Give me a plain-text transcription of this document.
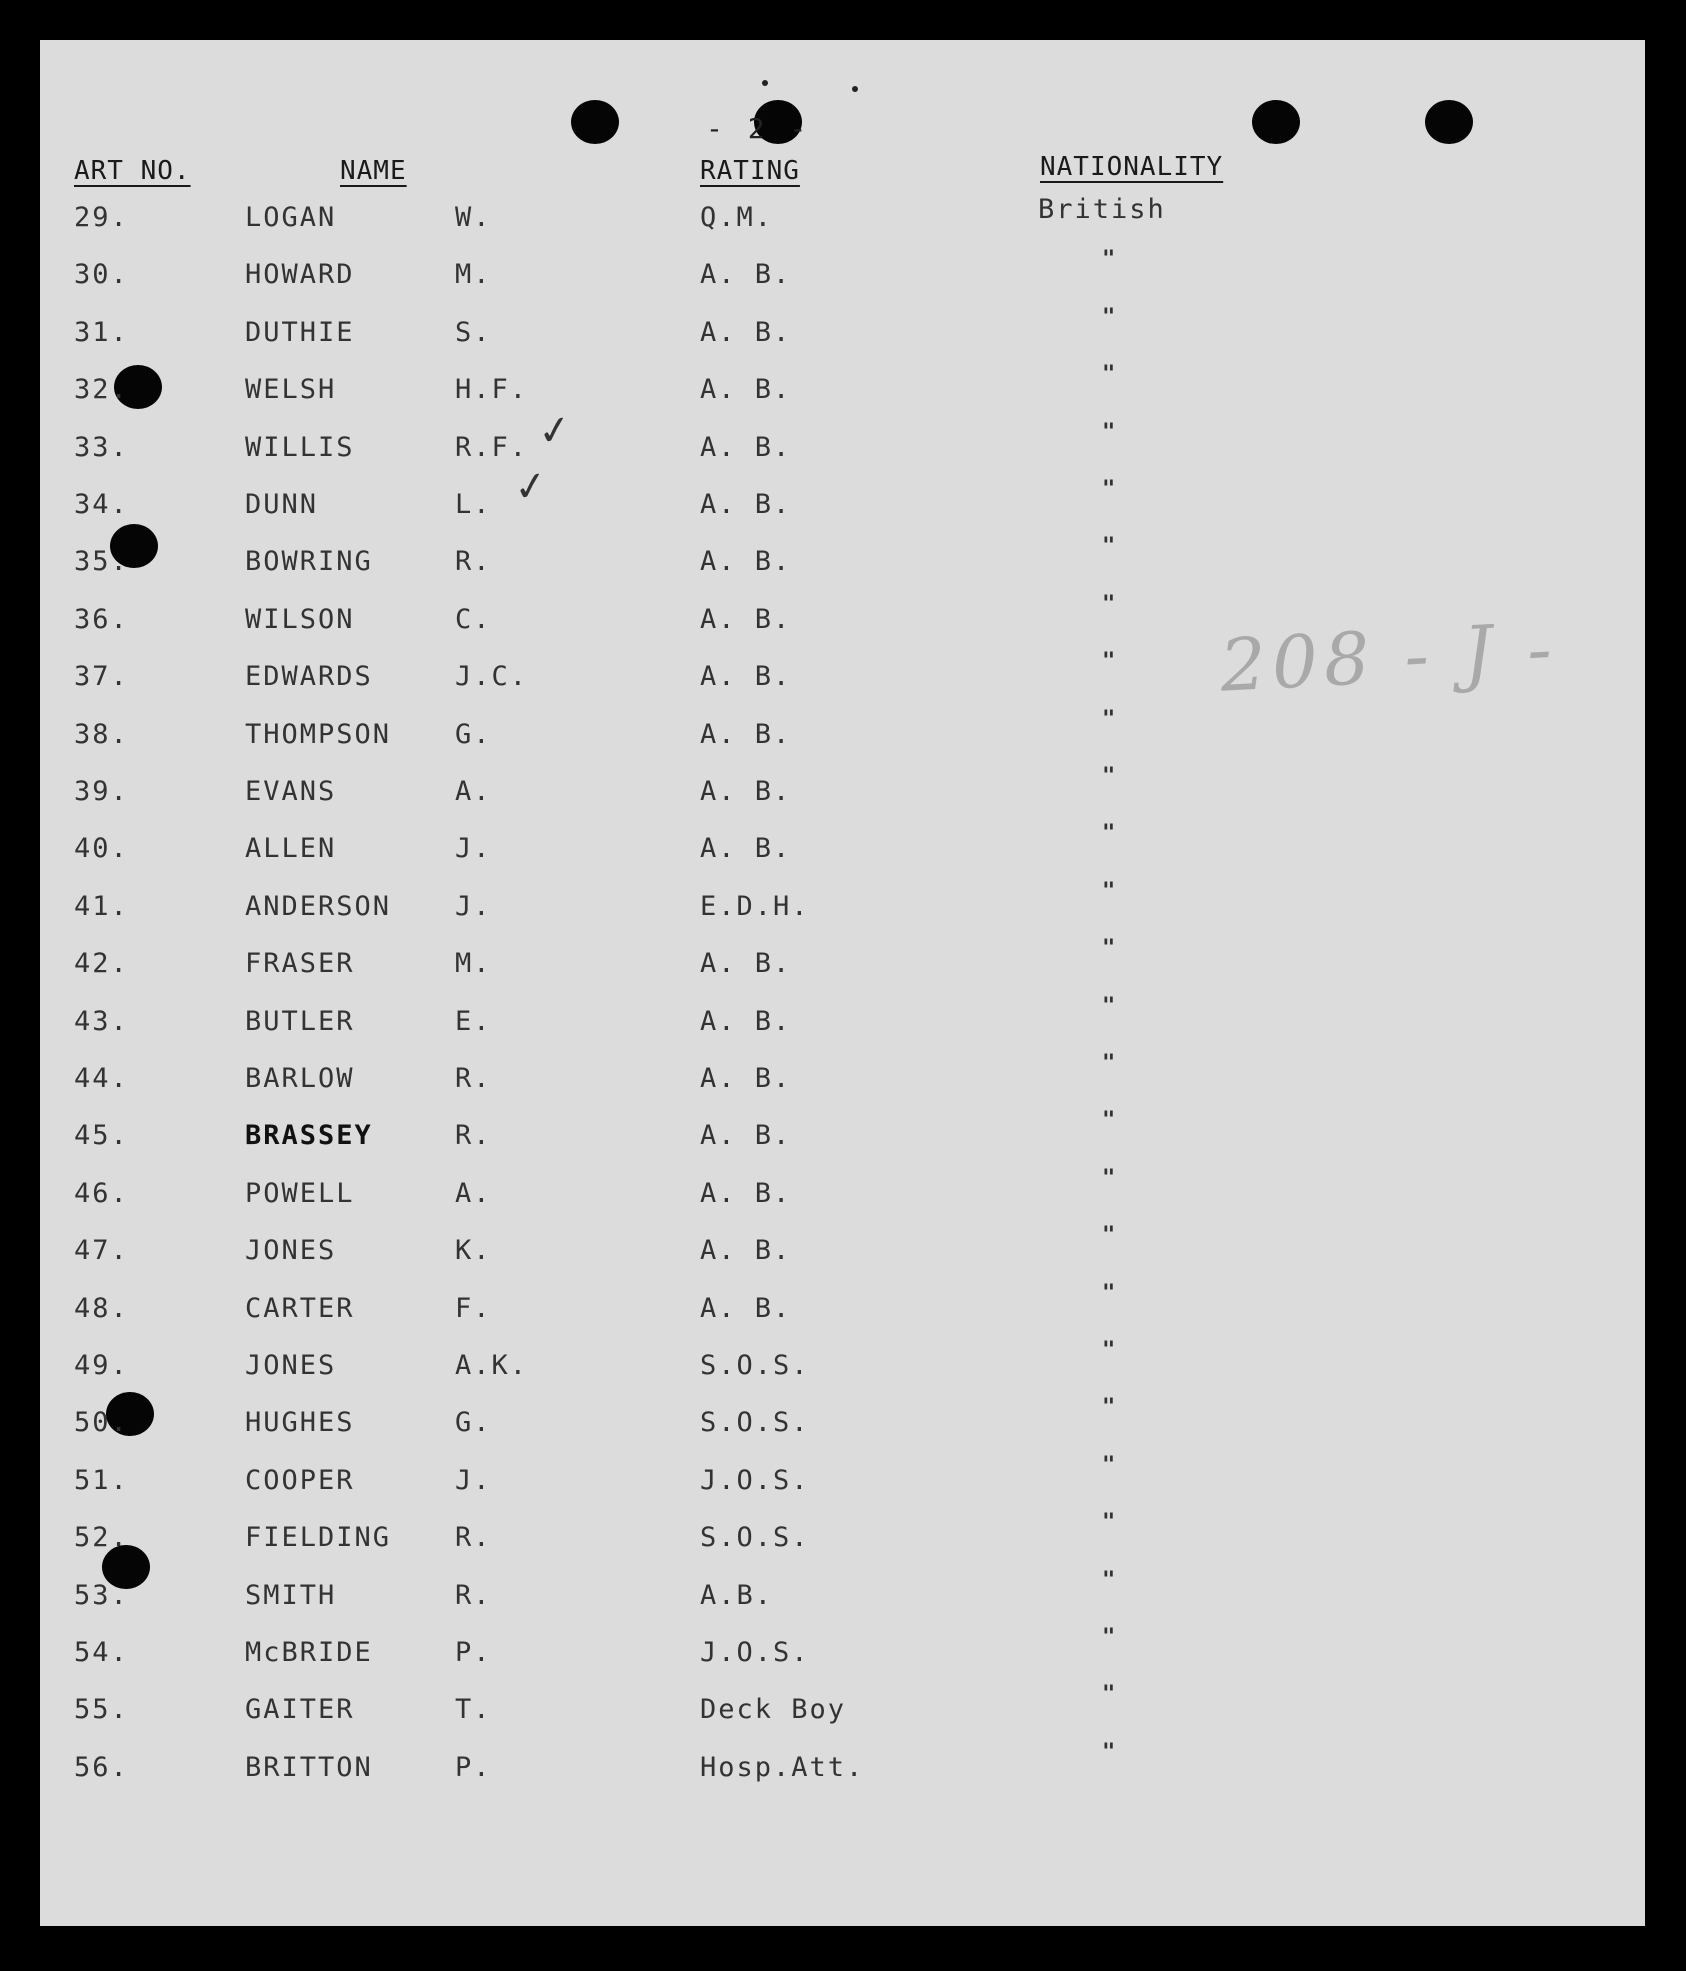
- 2 -
ART NO.	NAME	RATING	NATIONALITY
29.	LOGAN	W.	Q.M.	British
30.	HOWARD	M.	A. B.	"
31.	DUTHIE	S.	A. B.	"
32.	WELSH	H.F.	A. B.	"
33.	WILLIS	R.F.	A. B.	"
34.	DUNN	L.	A. B.	"
35.	BOWRING	R.	A. B.	"
36.	WILSON	C.	A. B.	"
37.	EDWARDS	J.C.	A. B.	"
38.	THOMPSON G.	A. B.	"
39.	EVANS	A.	A. B.	"
40.	ALLEN	J.	A. B.	"
41.	ANDERSON J.	E.D.H.	"
42.	FRASER	M.	A. B.	"
43.	BUTLER	E.	A. B.	"
44.	BARLOW	R.	A. B.	"
45.	BRASSEY	R.	A. B.	"
46.	POWELL	A.	A. B.	"
47.	JONES	K.	A. B.	"
48.	CARTER	F.	A. B.	"
49.	JONES	A.K.	S.O.S.	"
50.	HUGHES	G.	S.O.S.	"
51.	COOPER	J.	J.O.S.	"
52.	FIELDING R.	S.O.S.	"
53.	SMITH	R.	A.B.	"
54.	McBRIDE	P.	J.O.S.	"
55.	GAITER	T.	Deck Boy	"
56.	BRITTON	P.	Hosp.Att.	"
✓
✓
208 - J -
